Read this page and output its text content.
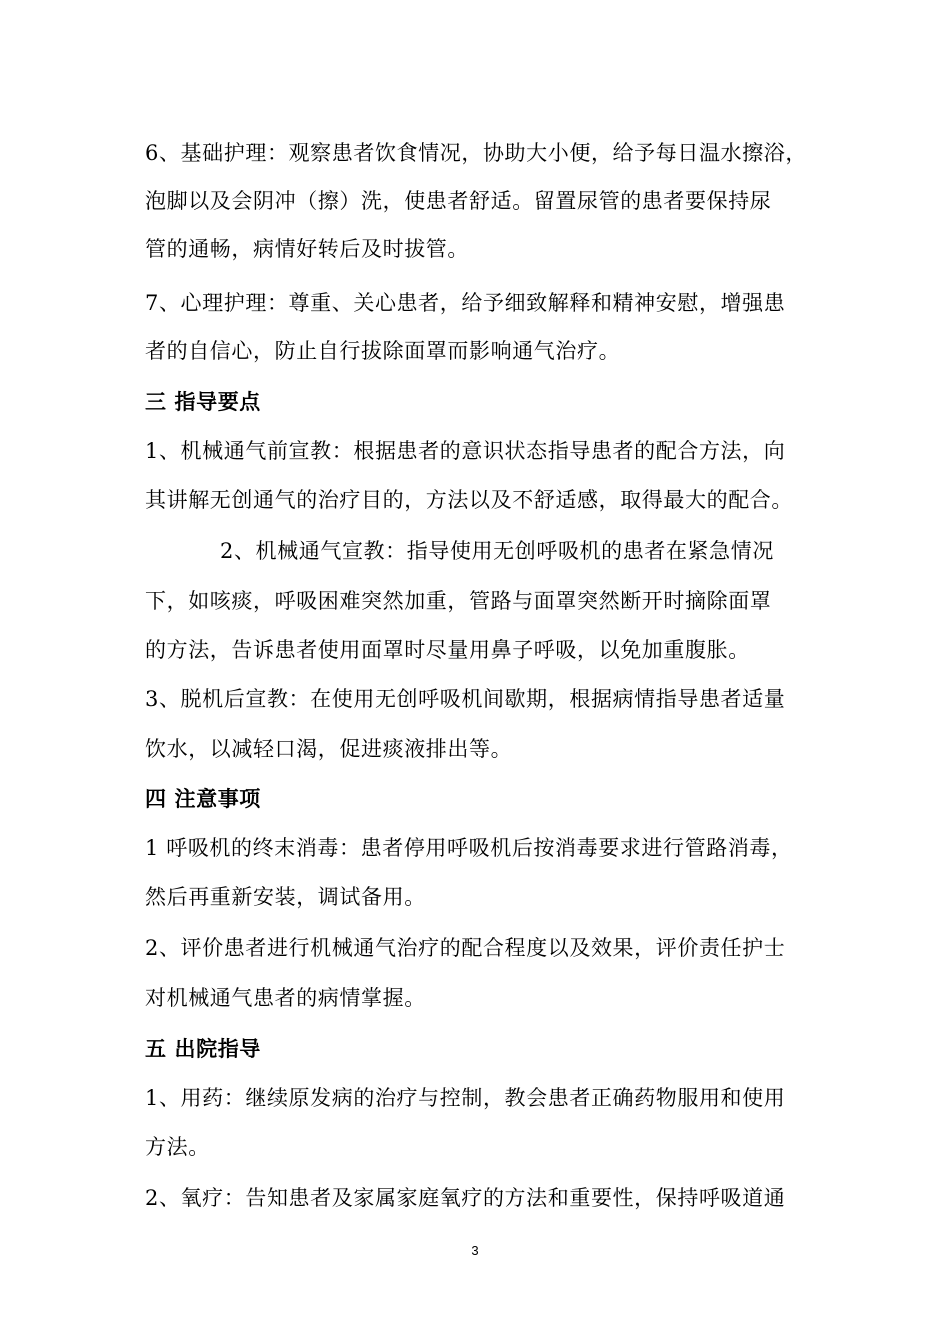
6、基础护理：观察患者饮食情况，协助大小便，给予每日温水擦浴，
泡脚以及会阴冲（擦）洗，使患者舒适。留置尿管的患者要保持尿
管的通畅，病情好转后及时拔管。
7、心理护理：尊重、关心患者，给予细致解释和精神安慰，增强患
者的自信心，防止自行拔除面罩而影响通气治疗。
三 指导要点
1、机械通气前宣教：根据患者的意识状态指导患者的配合方法，向
其讲解无创通气的治疗目的，方法以及不舒适感，取得最大的配合。
2、机械通气宣教：指导使用无创呼吸机的患者在紧急情况
下，如咳痰，呼吸困难突然加重，管路与面罩突然断开时摘除面罩
的方法，告诉患者使用面罩时尽量用鼻子呼吸，以免加重腹胀。
3、脱机后宣教：在使用无创呼吸机间歇期，根据病情指导患者适量
饮水，以减轻口渴，促进痰液排出等。
四 注意事项
1 呼吸机的终末消毒：患者停用呼吸机后按消毒要求进行管路消毒，
然后再重新安装，调试备用。
2、评价患者进行机械通气治疗的配合程度以及效果，评价责任护士
对机械通气患者的病情掌握。
五 出院指导
1、用药：继续原发病的治疗与控制，教会患者正确药物服用和使用
方法。
2、氧疗：告知患者及家属家庭氧疗的方法和重要性，保持呼吸道通
3
